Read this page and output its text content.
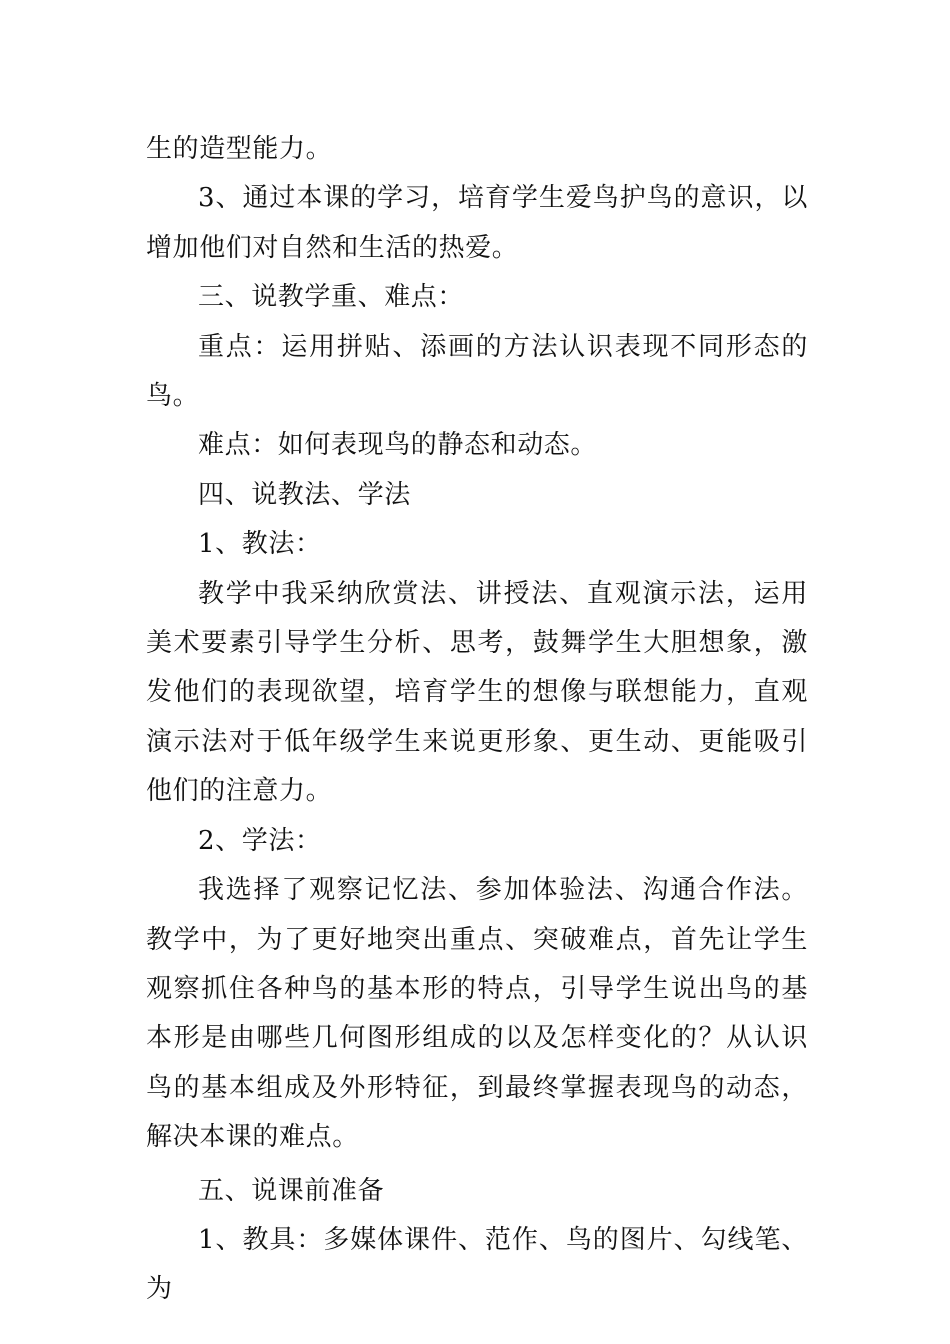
生的造型能力。

3、通过本课的学习，培育学生爱鸟护鸟的意识，以增加他们对自然和生活的热爱。

三、说教学重、难点：

重点：运用拼贴、添画的方法认识表现不同形态的鸟。

难点：如何表现鸟的静态和动态。

四、说教法、学法

1、教法：

教学中我采纳欣赏法、讲授法、直观演示法，运用美术要素引导学生分析、思考，鼓舞学生大胆想象，激发他们的表现欲望，培育学生的想像与联想能力，直观演示法对于低年级学生来说更形象、更生动、更能吸引他们的注意力。

2、学法：

我选择了观察记忆法、参加体验法、沟通合作法。教学中，为了更好地突出重点、突破难点，首先让学生观察抓住各种鸟的基本形的特点，引导学生说出鸟的基本形是由哪些几何图形组成的以及怎样变化的？从认识鸟的基本组成及外形特征，到最终掌握表现鸟的动态，解决本课的难点。

五、说课前准备

1、教具：多媒体课件、范作、鸟的图片、勾线笔、为
